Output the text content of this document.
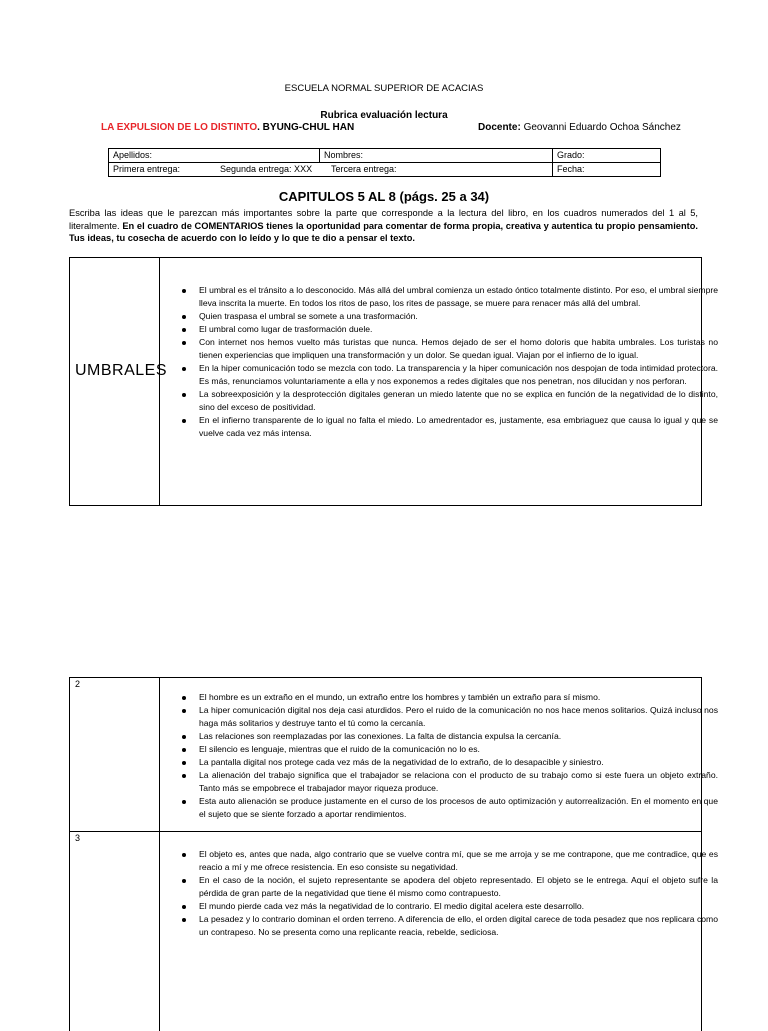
ESCUELA NORMAL SUPERIOR DE ACACIAS
Rubrica evaluación lectura
LA EXPULSION DE LO DISTINTO. BYUNG-CHUL HAN	Docente: Geovanni Eduardo Ochoa Sánchez
Apellidos:	Nombres:	Grado:
Primera entrega: Segunda entrega: XXX Tercera entrega:		Fecha:
CAPITULOS 5 AL 8 (págs. 25 a 34)
Escriba las ideas que le parezcan más importantes sobre la parte que corresponde a la lectura del libro, en los cuadros numerados del 1 al 5, literalmente. En el cuadro de COMENTARIOS tienes la oportunidad para comentar de forma propia, creativa y autentica tu propio pensamiento. Tus ideas, tu cosecha de acuerdo con lo leído y lo que te dio a pensar el texto.
UMBRALES
El umbral es el tránsito a lo desconocido. Más allá del umbral comienza un estado óntico totalmente distinto. Por eso, el umbral siempre lleva inscrita la muerte. En todos los ritos de paso, los rites de passage, se muere para renacer más allá del umbral.
Quien traspasa el umbral se somete a una trasformación.
El umbral como lugar de trasformación duele.
Con internet nos hemos vuelto más turistas que nunca. Hemos dejado de ser el homo doloris que habita umbrales. Los turistas no tienen experiencias que impliquen una transformación y un dolor. Se quedan igual. Viajan por el infierno de lo igual.
En la hiper comunicación todo se mezcla con todo. La transparencia y la hiper comunicación nos despojan de toda intimidad protectora. Es más, renunciamos voluntariamente a ella y nos exponemos a redes digitales que nos penetran, nos dilucidan y nos perforan.
La sobreexposición y la desprotección digitales generan un miedo latente que no se explica en función de la negatividad de lo distinto, sino del exceso de positividad.
En el infierno transparente de lo igual no falta el miedo. Lo amedrentador es, justamente, esa embriaguez que causa lo igual y que se vuelve cada vez más intensa.
2
El hombre es un extraño en el mundo, un extraño entre los hombres y también un extraño para sí mismo.
La hiper comunicación digital nos deja casi aturdidos. Pero el ruido de la comunicación no nos hace menos solitarios. Quizá incluso nos haga más solitarios y destruye tanto el tú como la cercanía.
Las relaciones son reemplazadas por las conexiones. La falta de distancia expulsa la cercanía.
El silencio es lenguaje, mientras que el ruido de la comunicación no lo es.
La pantalla digital nos protege cada vez más de la negatividad de lo extraño, de lo desapacible y siniestro.
La alienación del trabajo significa que el trabajador se relaciona con el producto de su trabajo como si este fuera un objeto extraño. Tanto más se empobrece el trabajador mayor riqueza produce.
Esta auto alienación se produce justamente en el curso de los procesos de auto optimización y autorrealización. En el momento en que el sujeto que se siente forzado a aportar rendimientos.
3
El objeto es, antes que nada, algo contrario que se vuelve contra mí, que se me arroja y se me contrapone, que me contradice, que es reacio a mí y me ofrece resistencia. En eso consiste su negatividad.
En el caso de la noción, el sujeto representante se apodera del objeto representado. El objeto se le entrega. Aquí el objeto sufre la pérdida de gran parte de la negatividad que tiene él mismo como contrapuesto.
El mundo pierde cada vez más la negatividad de lo contrario. El medio digital acelera este desarrollo.
La pesadez y lo contrario dominan el orden terreno. A diferencia de ello, el orden digital carece de toda pesadez que nos replicara como un contrapeso. No se presenta como una replicante reacia, rebelde, sediciosa.
